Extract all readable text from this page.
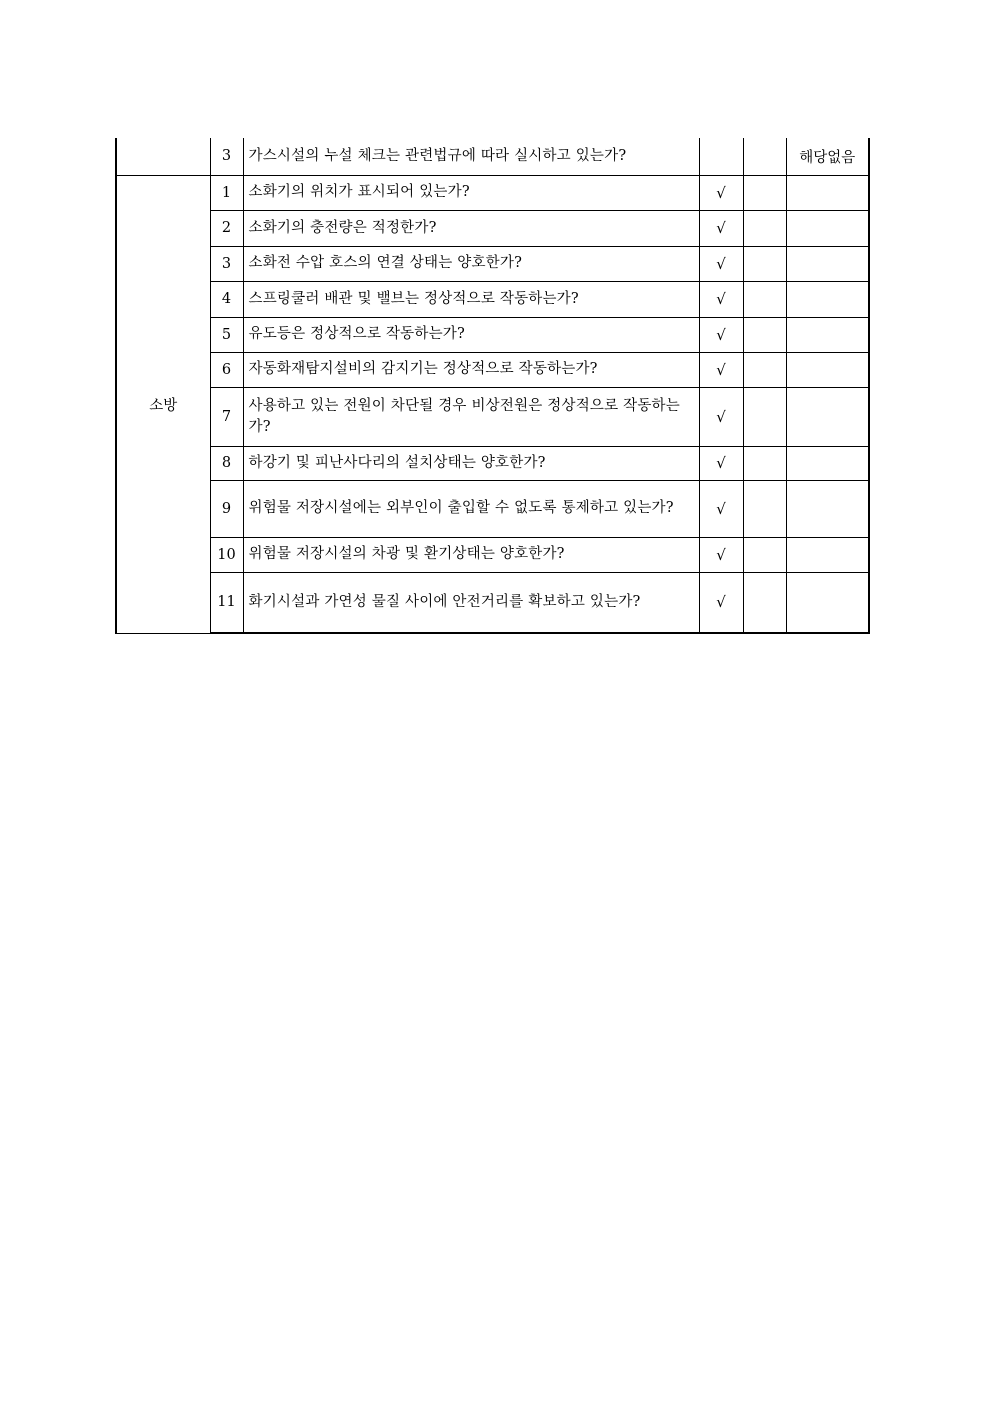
	3	가스시설의 누설 체크는 관련법규에 따라 실시하고 있는가?			해당없음
소방	1	소화기의 위치가 표시되어 있는가?	√		
	2	소화기의 충전량은 적정한가?	√		
	3	소화전 수압 호스의 연결 상태는 양호한가?	√		
	4	스프링쿨러 배관 및 밸브는 정상적으로 작동하는가?	√		
	5	유도등은 정상적으로 작동하는가?	√		
	6	자동화재탐지설비의 감지기는 정상적으로 작동하는가?	√		
	7	사용하고 있는 전원이 차단될 경우 비상전원은 정상적으로 작동하는가?	√		
	8	하강기 및 피난사다리의 설치상태는 양호한가?	√		
	9	위험물 저장시설에는 외부인이 출입할 수 없도록 통제하고 있는가?	√		
	10	위험물 저장시설의 차광 및 환기상태는 양호한가?	√		
	11	화기시설과 가연성 물질 사이에 안전거리를 확보하고 있는가?	√		
